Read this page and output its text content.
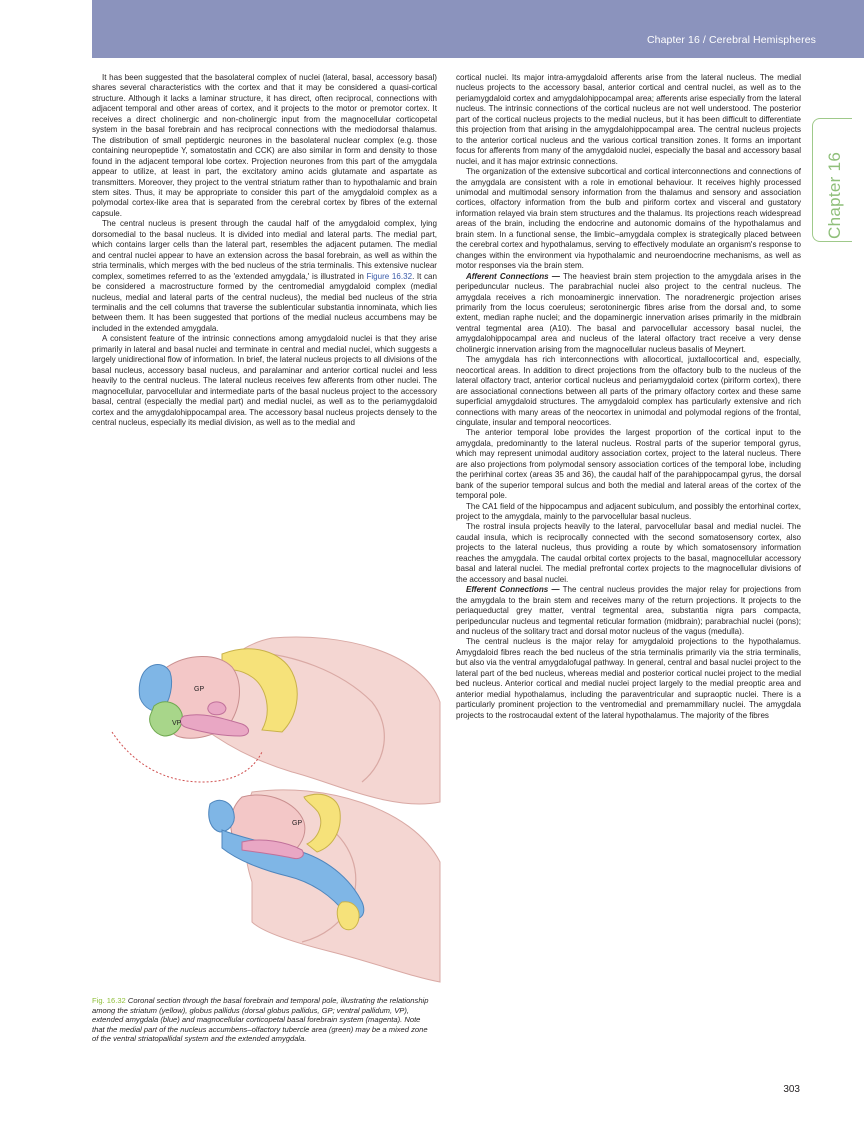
Chapter 16 / Cerebral Hemispheres
Chapter 16

It has been suggested that the basolateral complex of nuclei (lateral, basal, accessory basal) shares several characteristics with the cortex and that it may be considered a quasi-cortical structure. Although it lacks a laminar structure, it has direct, often reciprocal, connections with adjacent temporal and other areas of cortex, and it projects to the motor or premotor cortex. It receives a direct cholinergic and non-cholinergic input from the magnocellular corticopetal system in the basal forebrain and has reciprocal connections with the mediodorsal thalamus. The distribution of small peptidergic neurones in the basolateral nuclear complex (e.g. those containing neuropeptide Y, somatostatin and CCK) are also similar in form and density to those found in the adjacent temporal lobe cortex. Projection neurones from this part of the amygdala appear to utilize, at least in part, the excitatory amino acids glutamate and aspartate as transmitters. Moreover, they project to the ventral striatum rather than to hypothalamic and brain stem sites. Thus, it may be appropriate to consider this part of the amygdaloid complex as a polymodal cortex-like area that is separated from the cerebral cortex by fibres of the external capsule.

The central nucleus is present through the caudal half of the amygdaloid complex, lying dorsomedial to the basal nucleus. It is divided into medial and lateral parts. The medial part, which contains larger cells than the lateral part, resembles the adjacent putamen. The medial and central nuclei appear to have an extension across the basal forebrain, as well as within the stria terminalis, which merges with the bed nucleus of the stria terminalis. This extensive nuclear complex, sometimes referred to as the 'extended amygdala,' is illustrated in Figure 16.32. It can be considered a macrostructure formed by the centromedial amygdaloid complex (medial nucleus, medial and lateral parts of the central nucleus), the medial bed nucleus of the stria terminalis and the cell columns that traverse the sublenticular substantia innominata, which lies between them. It has been suggested that portions of the medial nucleus accumbens may be included in the extended amygdala.

A consistent feature of the intrinsic connections among amygdaloid nuclei is that they arise primarily in lateral and basal nuclei and terminate in central and medial nuclei, which suggests a largely unidirectional flow of information. In brief, the lateral nucleus projects to all divisions of the basal nucleus, accessory basal nucleus, and paralaminar and anterior cortical nuclei and less heavily to the central nucleus. The lateral nucleus receives few afferents from other nuclei. The magnocellular, parvocellular and intermediate parts of the basal nucleus project to the accessory basal, central (especially the medial part) and medial nuclei, as well as to the periamygdaloid cortex and the amygdalohippocampal area. The accessory basal nucleus projects densely to the central nucleus, especially its medial division, as well as to the medial and

cortical nuclei. Its major intra-amygdaloid afferents arise from the lateral nucleus. The medial nucleus projects to the accessory basal, anterior cortical and central nuclei, as well as to the periamygdaloid cortex and amygdalohippocampal area; afferents arise especially from the lateral nucleus. The intrinsic connections of the cortical nucleus are not well understood. The posterior part of the cortical nucleus projects to the medial nucleus, but it has been difficult to differentiate this projection from that arising in the amygdalohippocampal area. The central nucleus projects to the anterior cortical nucleus and the various cortical transition zones. It forms an important focus for afferents from many of the amygdaloid nuclei, especially the basal and accessory basal nuclei, and it has major extrinsic connections.

The organization of the extensive subcortical and cortical interconnections and connections of the amygdala are consistent with a role in emotional behaviour. It receives highly processed unimodal and multimodal sensory information from the thalamus and sensory and association cortices, olfactory information from the bulb and piriform cortex and visceral and gustatory information relayed via brain stem structures and the thalamus. Its projections reach widespread areas of the brain, including the endocrine and autonomic domains of the hypothalamus and brain stem. In a functional sense, the limbic–amygdala complex is strategically placed between the cerebral cortex and hypothalamus, serving to effectively modulate an organism's response to changes within the environment via hypothalamic and neuroendocrine mechanisms, as well as motor responses via the brain stem.

Afferent Connections — The heaviest brain stem projection to the amygdala arises in the peripeduncular nucleus. The parabrachial nuclei also project to the central nucleus. The amygdala receives a rich monoaminergic innervation. The noradrenergic projection arises primarily from the locus coeruleus; serotoninergic fibres arise from the dorsal and, to some extent, median raphe nuclei; and the dopaminergic innervation arises primarily in the midbrain ventral tegmental area (A10). The basal and parvocellular accessory basal nuclei, the amygdalohippocampal area and nucleus of the lateral olfactory tract receive a very dense cholinergic innervation arising from the magnocellular nucleus basalis of Meynert.

The amygdala has rich interconnections with allocortical, juxtallocortical and, especially, neocortical areas. In addition to direct projections from the olfactory bulb to the nucleus of the lateral olfactory tract, anterior cortical nucleus and periamygdaloid cortex (piriform cortex), there are associational connections between all parts of the primary olfactory cortex and these same superficial amygdaloid structures. The amygdaloid complex has particularly extensive and rich connections with many areas of the neocortex in unimodal and polymodal regions of the frontal, cingulate, insular and temporal neocortices.

The anterior temporal lobe provides the largest proportion of the cortical input to the amygdala, predominantly to the lateral nucleus. Rostral parts of the superior temporal gyrus, which may represent unimodal auditory association cortex, project to the lateral nucleus. There are also projections from polymodal sensory association cortices of the temporal lobe, including the perirhinal cortex (areas 35 and 36), the caudal half of the parahippocampal gyrus, the dorsal bank of the superior temporal sulcus and both the medial and lateral areas of the cortex of the temporal pole.

The CA1 field of the hippocampus and adjacent subiculum, and possibly the entorhinal cortex, project to the amygdala, mainly to the parvocellular basal nucleus.

The rostral insula projects heavily to the lateral, parvocellular basal and medial nuclei. The caudal insula, which is reciprocally connected with the second somatosensory cortex, also projects to the lateral nucleus, thus providing a route by which somatosensory information reaches the amygdala. The caudal orbital cortex projects to the basal, magnocellular accessory basal and lateral nuclei. The medial prefrontal cortex projects to the magnocellular divisions of the accessory and basal nuclei.

Efferent Connections — The central nucleus provides the major relay for projections from the amygdala to the brain stem and receives many of the return projections. It projects to the periaqueductal grey matter, ventral tegmental area, substantia nigra pars compacta, peripeduncular nucleus and tegmental reticular formation (midbrain); parabrachial nuclei (pons); and nucleus of the solitary tract and dorsal motor nucleus of the vagus (medulla).

The central nucleus is the major relay for amygdaloid projections to the hypothalamus. Amygdaloid fibres reach the bed nucleus of the stria terminalis primarily via the stria terminalis, but also via the ventral amygdalofugal pathway. In general, central and basal nuclei project to the lateral part of the bed nucleus, whereas medial and posterior cortical nuclei project to the medial bed nucleus. Anterior cortical and medial nuclei project largely to the medial preoptic area and anterior medial hypothalamus, including the paraventricular and supraoptic nuclei. There is a particularly prominent projection to the ventromedial and premammillary nuclei. The amygdala projects to the rostrocaudal extent of the lateral hypothalamus. The majority of the fibres

GP
VP
GP
Fig. 16.32 Coronal section through the basal forebrain and temporal pole, illustrating the relationship among the striatum (yellow), globus pallidus (dorsal globus pallidus, GP; ventral pallidum, VP), extended amygdala (blue) and magnocellular corticopetal basal forebrain system (magenta). Note that the medial part of the nucleus accumbens–olfactory tubercle area (green) may be a mixed zone of the ventral striatopallidal system and the extended amygdala.
303
